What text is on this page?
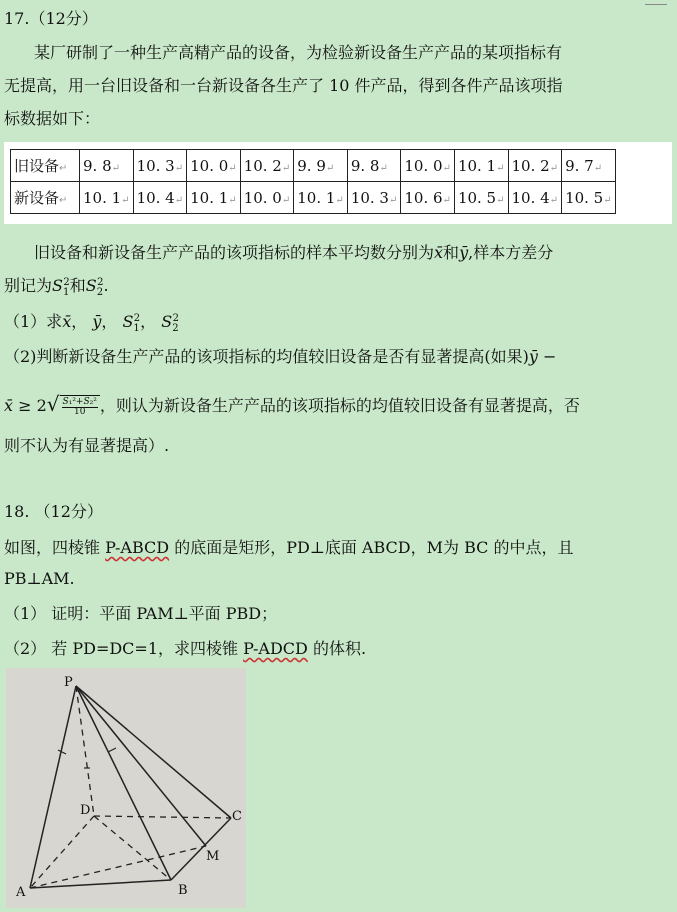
17.（12分）
某厂研制了一种生产高精产品的设备，为检验新设备生产产品的某项指标有
无提高，用一台旧设备和一台新设备各生产了 10 件产品，得到各件产品该项指
标数据如下：
旧设备↵	9. 8↵	10. 3↵	10. 0↵	10. 2↵	9. 9↵	9. 8↵	10. 0↵	10. 1↵	10. 2↵	9. 7↵
新设备↵	10. 1↵	10. 4↵	10. 1↵	10. 0↵	10. 1↵	10. 3↵	10. 6↵	10. 5↵	10. 4↵	10. 5↵
旧设备和新设备生产产品的该项指标的样本平均数分别为x̄和ȳ,样本方差分
别记为$S_1^2$和$S_2^2$.
（1）求x̄， ȳ， $S_1^2$， $S_2^2$
（2)判断新设备生产产品的该项指标的均值较旧设备是否有显著提高(如果)ȳ −
x̄ ≥ $2√ \frac{\text{S₁²+S₂²}}{10}$ ，则认为新设备生产产品的该项指标的均值较旧设备有显著提高，否
则不认为有显著提高）.
18. （12分）
如图，四棱锥 P-ABCD 的底面是矩形，PD⊥底面 ABCD，M为 BC 的中点，且
PB⊥AM.
（1） 证明：平面 PAM⊥平面 PBD；
（2） 若 PD=DC=1，求四棱锥 P-ADCD 的体积.
P
D	C
M
A	B
